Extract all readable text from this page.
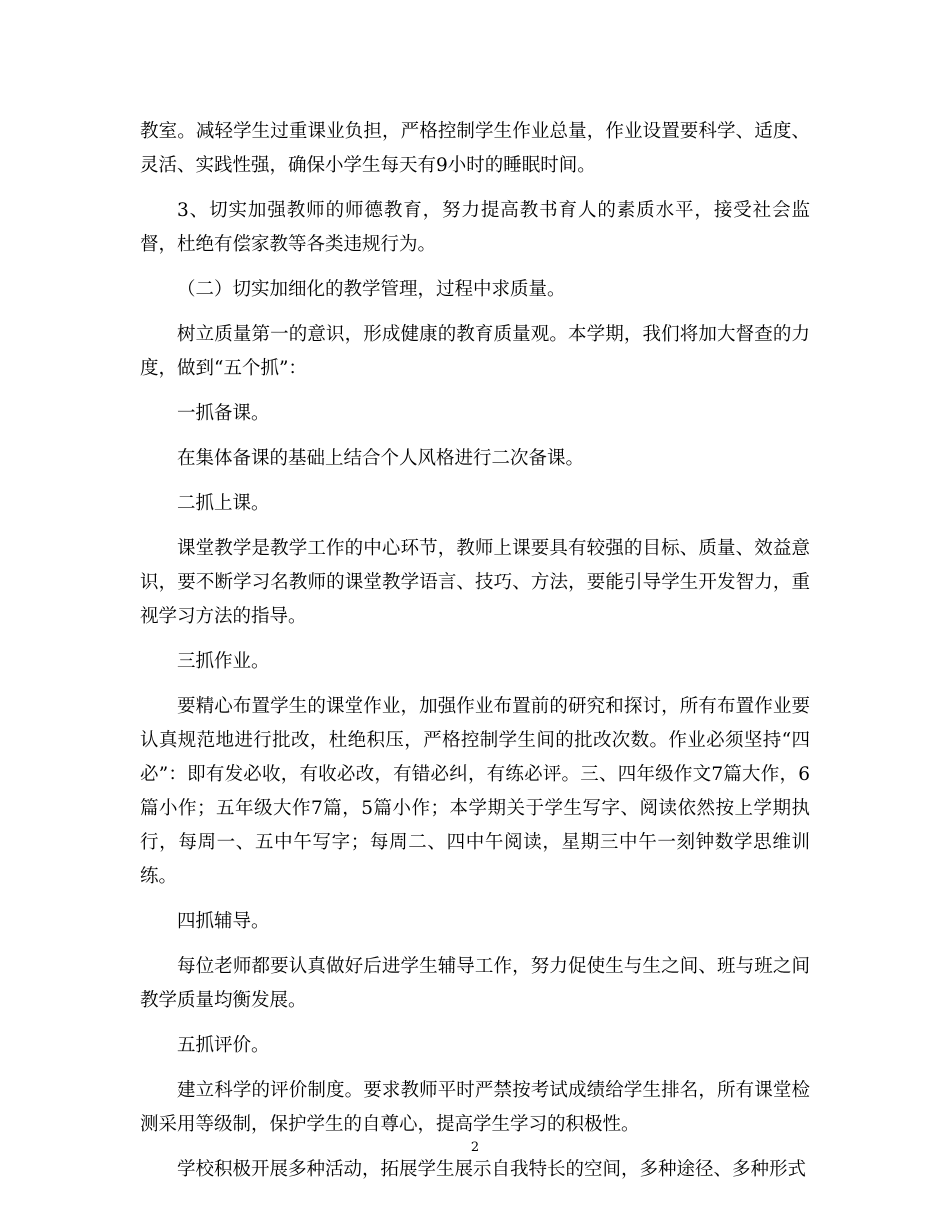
教室。减轻学生过重课业负担，严格控制学生作业总量，作业设置要科学、适度、灵活、实践性强，确保小学生每天有9小时的睡眠时间。

3、切实加强教师的师德教育，努力提高教书育人的素质水平，接受社会监督，杜绝有偿家教等各类违规行为。

（二）切实加细化的教学管理，过程中求质量。

树立质量第一的意识，形成健康的教育质量观。本学期，我们将加大督查的力度，做到“五个抓”：

一抓备课。

在集体备课的基础上结合个人风格进行二次备课。

二抓上课。

课堂教学是教学工作的中心环节，教师上课要具有较强的目标、质量、效益意识，要不断学习名教师的课堂教学语言、技巧、方法，要能引导学生开发智力，重视学习方法的指导。

三抓作业。

要精心布置学生的课堂作业，加强作业布置前的研究和探讨，所有布置作业要认真规范地进行批改，杜绝积压，严格控制学生间的批改次数。作业必须坚持“四必”：即有发必收，有收必改，有错必纠，有练必评。三、四年级作文7篇大作，6篇小作；五年级大作7篇，5篇小作；本学期关于学生写字、阅读依然按上学期执行，每周一、五中午写字；每周二、四中午阅读，星期三中午一刻钟数学思维训练。

四抓辅导。

每位老师都要认真做好后进学生辅导工作，努力促使生与生之间、班与班之间教学质量均衡发展。

五抓评价。

建立科学的评价制度。要求教师平时严禁按考试成绩给学生排名，所有课堂检测采用等级制，保护学生的自尊心，提高学生学习的积极性。

学校积极开展多种活动，拓展学生展示自我特长的空间，多种途径、多种形式

2
